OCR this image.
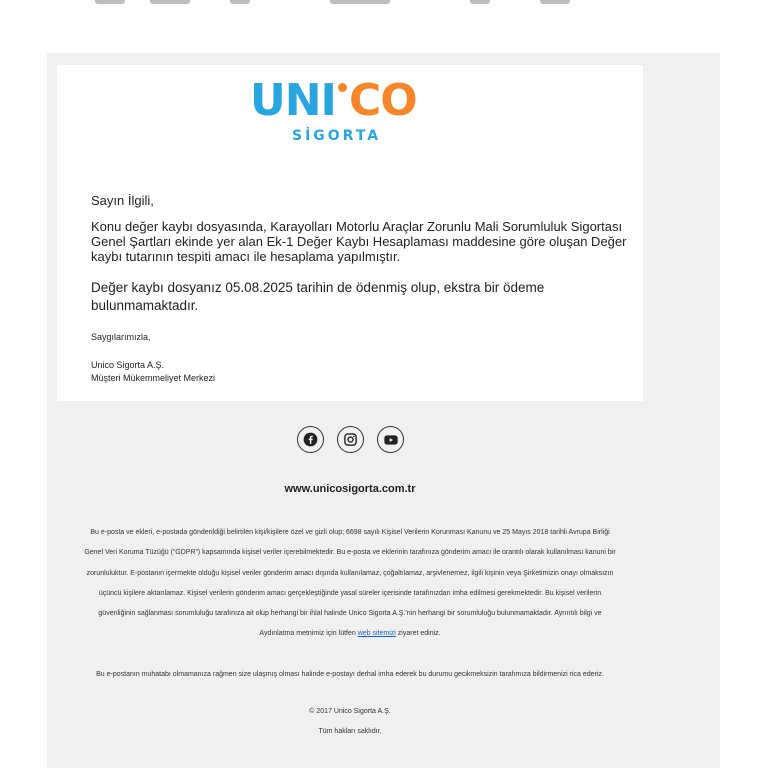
UNI CO
SİGORTA
Sayın İlgili,
Konu değer kaybı dosyasında, Karayolları Motorlu Araçlar Zorunlu Mali Sorumluluk Sigortası Genel Şartları ekinde yer alan Ek-1 Değer Kaybı Hesaplaması maddesine göre oluşan Değer kaybı tutarının tespiti amacı ile hesaplama yapılmıştır.
Değer kaybı dosyanız 05.08.2025 tarihin de ödenmiş olup, ekstra bir ödeme bulunmamaktadır.
Saygılarımızla,
Unico Sigorta A.Ş.
Müşteri Mükemmeliyet Merkezi
www.unicosigorta.com.tr
Bu e-posta ve ekleri, e-postada gönderildiği belirtilen kişi/kişilere özel ve gizli olup; 6698 sayılı Kişisel Verilerin Korunması Kanunu ve 25 Mayıs 2018 tarihli Avrupa Birliği Genel Veri Koruma Tüzüğü (“GDPR”) kapsamında kişisel veriler içerebilmektedir. Bu e-posta ve eklerinin tarafınıza gönderim amacı ile orantılı olarak kullanılması kanuni bir zorunluluktur. E-postanın içermekte olduğu kişisel veriler gönderim amacı dışında kullanılamaz, çoğaltılamaz, arşivlenemez, ilgili kişinin veya Şirketimizin onayı olmaksızın üçüncü kişilere aktarılamaz. Kişisel verilerin gönderim amacı gerçekleştiğinde yasal süreler içerisinde tarafınızdan imha edilmesi gerekmektedir. Bu kişisel verilerin güvenliğinin sağlanması sorumluluğu tarafınıza ait olup herhangi bir ihlal halinde Unico Sigorta A.Ş.'nin herhangi bir sorumluluğu bulunmamaktadır. Ayrıntılı bilgi ve Aydınlatma metnimiz için lütfen web sitemizi ziyaret ediniz.
Bu e-postanın muhatabı olmamanıza rağmen size ulaşmış olması halinde e-postayı derhal imha ederek bu durumu gecikmeksizin tarafımıza bildirmenizi rica ederiz.
© 2017 Unico Sigorta A.Ş.
Tüm hakları saklıdır.
